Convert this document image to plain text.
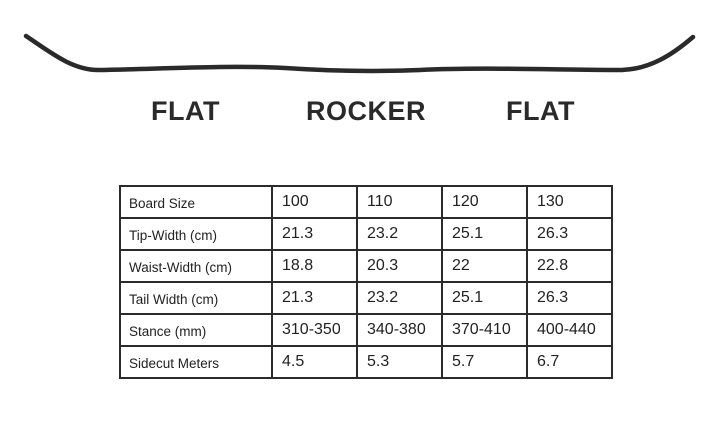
FLAT	ROCKER	FLAT
Board Size	100	110	120	130
Tip-Width (cm)	21.3	23.2	25.1	26.3
Waist-Width (cm)	18.8	20.3	22	22.8
Tail Width (cm)	21.3	23.2	25.1	26.3
Stance (mm)	310-350	340-380	370-410	400-440
Sidecut Meters	4.5	5.3	5.7	6.7
